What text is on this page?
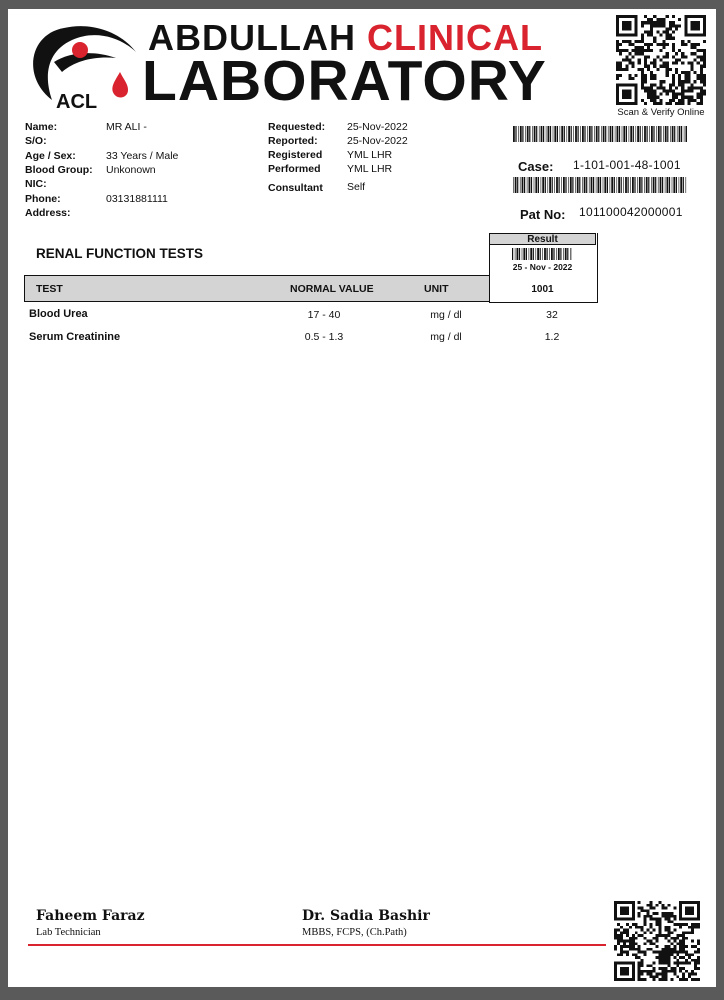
ACL
ABDULLAH CLINICAL
LABORATORY	Scan & Verify Online
Name:	MR ALI -
S/O:
Age / Sex:	33 Years / Male
Blood Group: Unkonown
NIC:
Phone:	03131881111
Address:
Requested: 25-Nov-2022
Reported:	25-Nov-2022
Registered YML LHR
Performed	YML LHR
Consultant Self
Case: 1-101-001-48-1001
Pat No: 101100042000001
RENAL FUNCTION TESTS
Result
25 - Nov - 2022
1001
TEST	NORMAL VALUE	UNIT
Blood Urea	17 - 40	mg / dl	32
Serum Creatinine	0.5 - 1.3	mg / dl	1.2
Faheem Faraz
Lab Technician
Dr. Sadia Bashir
MBBS, FCPS, (Ch.Path)
